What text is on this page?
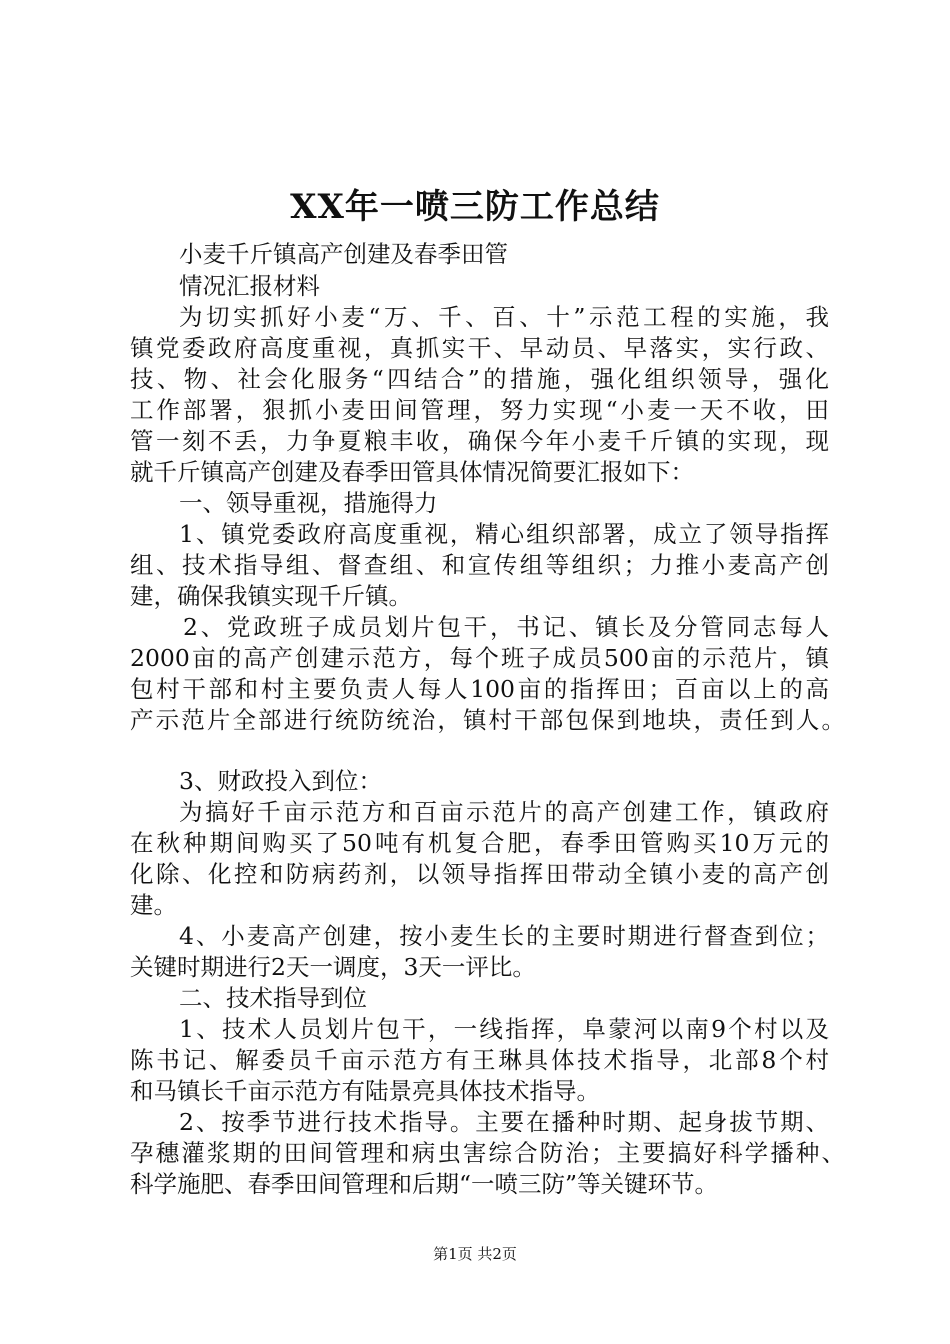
XX年一喷三防工作总结
小麦千斤镇高产创建及春季田管
情况汇报材料
为切实抓好小麦“万、千、百、十”示范工程的实施，我
镇党委政府高度重视，真抓实干、早动员、早落实，实行政、
技、物、社会化服务“四结合”的措施，强化组织领导，强化
工作部署，狠抓小麦田间管理，努力实现“小麦一天不收，田
管一刻不丢，力争夏粮丰收，确保今年小麦千斤镇的实现，现
就千斤镇高产创建及春季田管具体情况简要汇报如下：
一、领导重视，措施得力
1、镇党委政府高度重视，精心组织部署，成立了领导指挥
组、技术指导组、督查组、和宣传组等组织；力推小麦高产创
建，确保我镇实现千斤镇。
2、党政班子成员划片包干，书记、镇长及分管同志每人
2000亩的高产创建示范方，每个班子成员500亩的示范片，镇
包村干部和村主要负责人每人100亩的指挥田；百亩以上的高
产示范片全部进行统防统治，镇村干部包保到地块，责任到人。
3、财政投入到位：
为搞好千亩示范方和百亩示范片的高产创建工作，镇政府
在秋种期间购买了50吨有机复合肥，春季田管购买10万元的
化除、化控和防病药剂，以领导指挥田带动全镇小麦的高产创
建。
4、小麦高产创建，按小麦生长的主要时期进行督查到位；
关键时期进行2天一调度，3天一评比。
二、技术指导到位
1、技术人员划片包干，一线指挥，阜蒙河以南9个村以及
陈书记、解委员千亩示范方有王琳具体技术指导，北部8个村
和马镇长千亩示范方有陆景亮具体技术指导。
2、按季节进行技术指导。主要在播种时期、起身拔节期、
孕穗灌浆期的田间管理和病虫害综合防治；主要搞好科学播种、
科学施肥、春季田间管理和后期“一喷三防”等关键环节。
第1页 共2页
